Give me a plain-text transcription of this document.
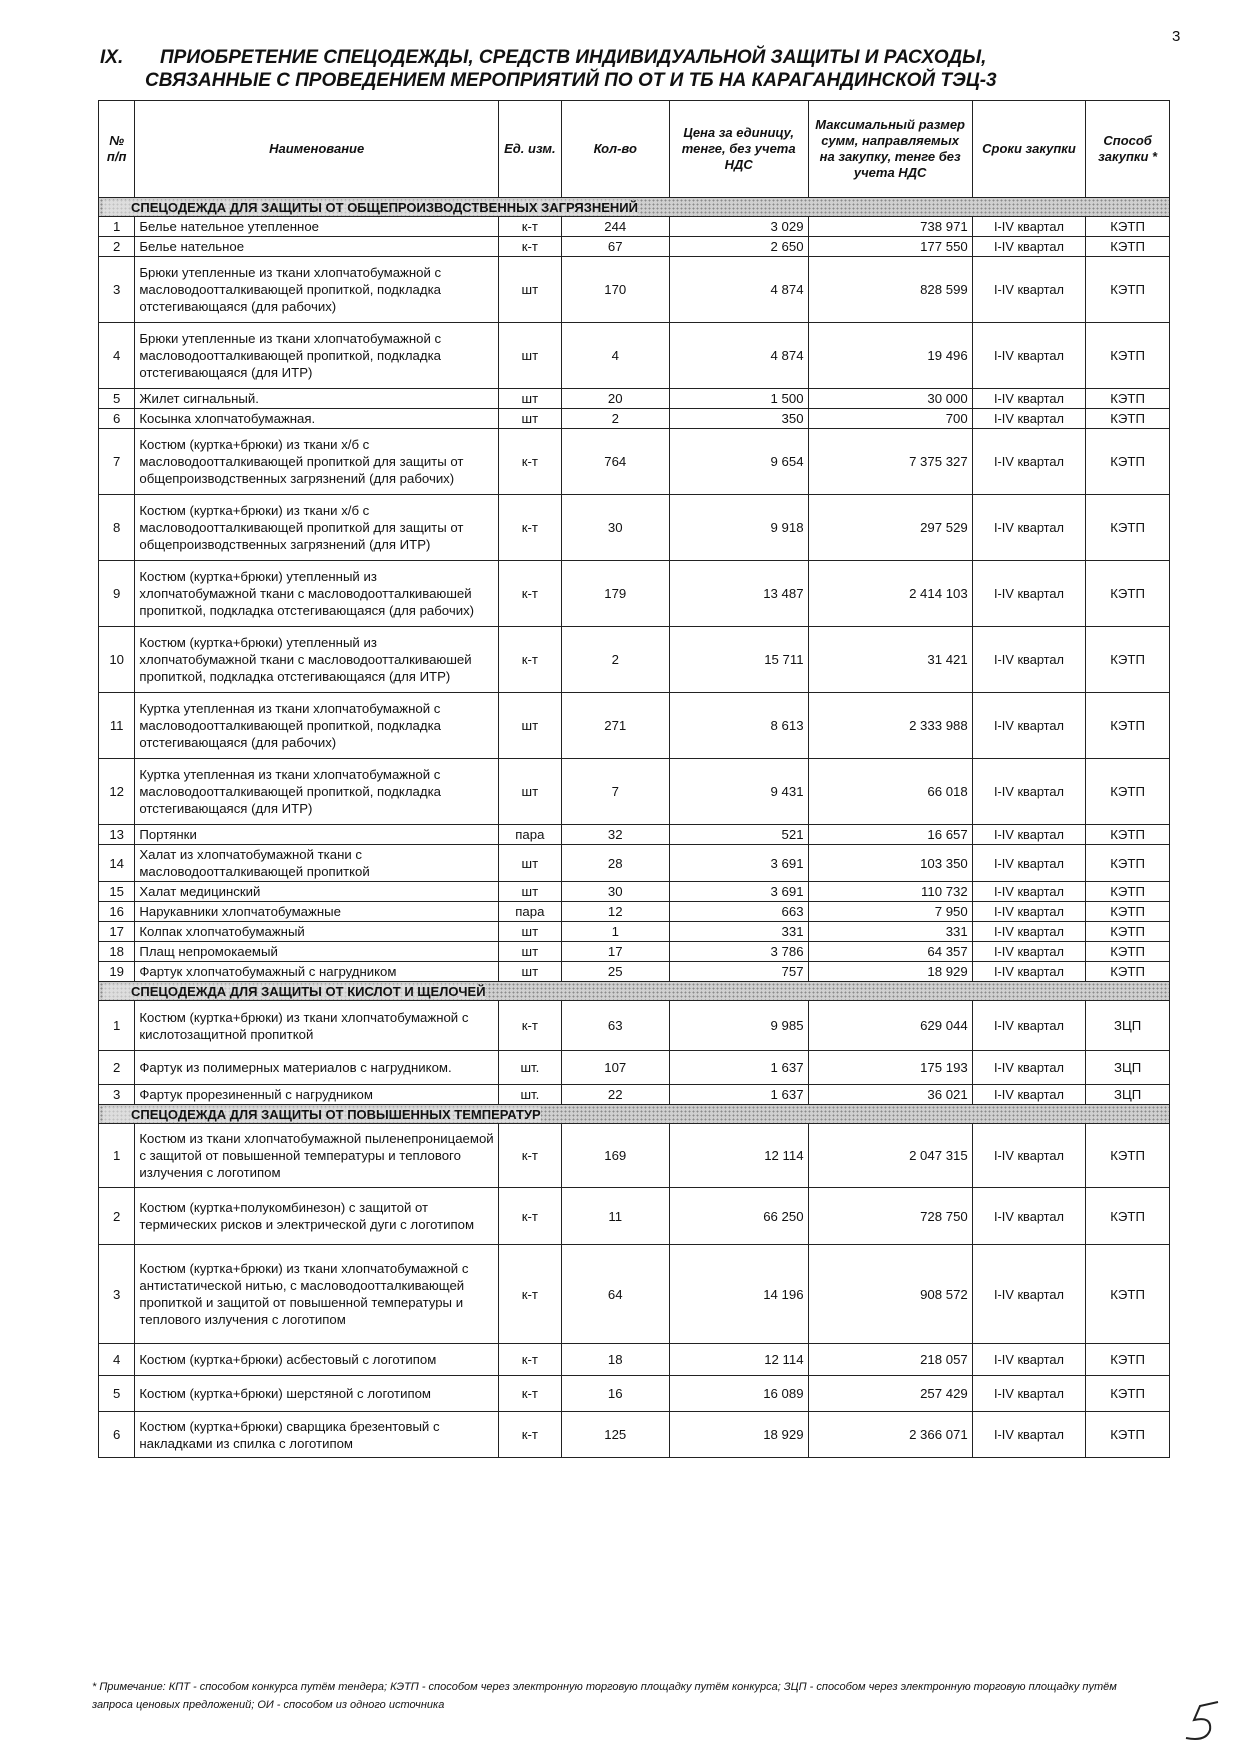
3
IX.	ПРИОБРЕТЕНИЕ СПЕЦОДЕЖДЫ, СРЕДСТВ ИНДИВИДУАЛЬНОЙ ЗАЩИТЫ И РАСХОДЫ,
СВЯЗАННЫЕ С ПРОВЕДЕНИЕМ МЕРОПРИЯТИЙ ПО ОТ И ТБ НА КАРАГАНДИНСКОЙ ТЭЦ-3
№ п/п	Наименование	Ед. изм.	Кол-во	Цена за единицу, тенге, без учета НДС	Максимальный размер сумм, направляемых на закупку, тенге без учета НДС	Сроки закупки	Способ закупки *
СПЕЦОДЕЖДА ДЛЯ ЗАЩИТЫ ОТ ОБЩЕПРОИЗВОДСТВЕННЫХ ЗАГРЯЗНЕНИЙ							
1	Белье нательное утепленное	к-т	244	3 029	738 971	I-IV квартал	КЭТП
2	Белье нательное	к-т	67	2 650	177 550	I-IV квартал	КЭТП
3	Брюки утепленные из ткани хлопчатобумажной с масловодоотталкивающей пропиткой, подкладка отстегивающаяся (для рабочих)	шт	170	4 874	828 599	I-IV квартал	КЭТП
4	Брюки утепленные из ткани хлопчатобумажной с масловодоотталкивающей пропиткой, подкладка отстегивающаяся (для ИТР)	шт	4	4 874	19 496	I-IV квартал	КЭТП
5	Жилет сигнальный.	шт	20	1 500	30 000	I-IV квартал	КЭТП
6	Косынка хлопчатобумажная.	шт	2	350	700	I-IV квартал	КЭТП
7	Костюм (куртка+брюки) из ткани х/б с масловодоотталкивающей пропиткой для защиты от общепроизводственных загрязнений (для рабочих)	к-т	764	9 654	7 375 327	I-IV квартал	КЭТП
8	Костюм (куртка+брюки) из ткани х/б с масловодоотталкивающей пропиткой для защиты от общепроизводственных загрязнений (для ИТР)	к-т	30	9 918	297 529	I-IV квартал	КЭТП
9	Костюм (куртка+брюки) утепленный из хлопчатобумажной ткани с масловодоотталкиваюшей пропиткой, подкладка отстегивающаяся (для рабочих)	к-т	179	13 487	2 414 103	I-IV квартал	КЭТП
10	Костюм (куртка+брюки) утепленный из хлопчатобумажной ткани с масловодоотталкиваюшей пропиткой, подкладка отстегивающаяся (для ИТР)	к-т	2	15 711	31 421	I-IV квартал	КЭТП
11	Куртка утепленная из ткани хлопчатобумажной с масловодоотталкивающей пропиткой, подкладка отстегивающаяся (для рабочих)	шт	271	8 613	2 333 988	I-IV квартал	КЭТП
12	Куртка утепленная из ткани хлопчатобумажной с масловодоотталкивающей пропиткой, подкладка отстегивающаяся (для ИТР)	шт	7	9 431	66 018	I-IV квартал	КЭТП
13	Портянки	пара	32	521	16 657	I-IV квартал	КЭТП
14	Халат из хлопчатобумажной ткани с масловодоотталкивающей пропиткой	шт	28	3 691	103 350	I-IV квартал	КЭТП
15	Халат медицинский	шт	30	3 691	110 732	I-IV квартал	КЭТП
16	Нарукавники хлопчатобумажные	пара	12	663	7 950	I-IV квартал	КЭТП
17	Колпак хлопчатобумажный	шт	1	331	331	I-IV квартал	КЭТП
18	Плащ непромокаемый	шт	17	3 786	64 357	I-IV квартал	КЭТП
19	Фартук хлопчатобумажный с нагрудником	шт	25	757	18 929	I-IV квартал	КЭТП
СПЕЦОДЕЖДА ДЛЯ ЗАЩИТЫ ОТ КИСЛОТ И ЩЕЛОЧЕЙ							
1	Костюм (куртка+брюки) из ткани хлопчатобумажной с кислотозащитной пропиткой	к-т	63	9 985	629 044	I-IV квартал	ЗЦП
2	Фартук из полимерных материалов с нагрудником.	шт.	107	1 637	175 193	I-IV квартал	ЗЦП
3	Фартук прорезиненный с нагрудником	шт.	22	1 637	36 021	I-IV квартал	ЗЦП
СПЕЦОДЕЖДА ДЛЯ ЗАЩИТЫ ОТ ПОВЫШЕННЫХ ТЕМПЕРАТУР							
1	Костюм из ткани хлопчатобумажной пыленепроницаемой с защитой от повышенной температуры и теплового излучения с логотипом	к-т	169	12 114	2 047 315	I-IV квартал	КЭТП
2	Костюм (куртка+полукомбинезон) с защитой от термических рисков и электрической дуги с логотипом	к-т	11	66 250	728 750	I-IV квартал	КЭТП
3	Костюм (куртка+брюки) из ткани хлопчатобумажной с антистатической нитью, с масловодоотталкивающей пропиткой и защитой от повышенной температуры и теплового излучения с логотипом	к-т	64	14 196	908 572	I-IV квартал	КЭТП
4	Костюм (куртка+брюки) асбестовый с логотипом	к-т	18	12 114	218 057	I-IV квартал	КЭТП
5	Костюм (куртка+брюки) шерстяной с логотипом	к-т	16	16 089	257 429	I-IV квартал	КЭТП
6	Костюм (куртка+брюки) сварщика брезентовый с накладками из спилка с логотипом	к-т	125	18 929	2 366 071	I-IV квартал	КЭТП
* Примечание: КПТ - способом конкурса путём тендера; КЭТП - способом через электронную торговую площадку путём конкурса; ЗЦП - способом через электронную торговую площадку путём запроса ценовых предложений; ОИ - способом из одного источника
